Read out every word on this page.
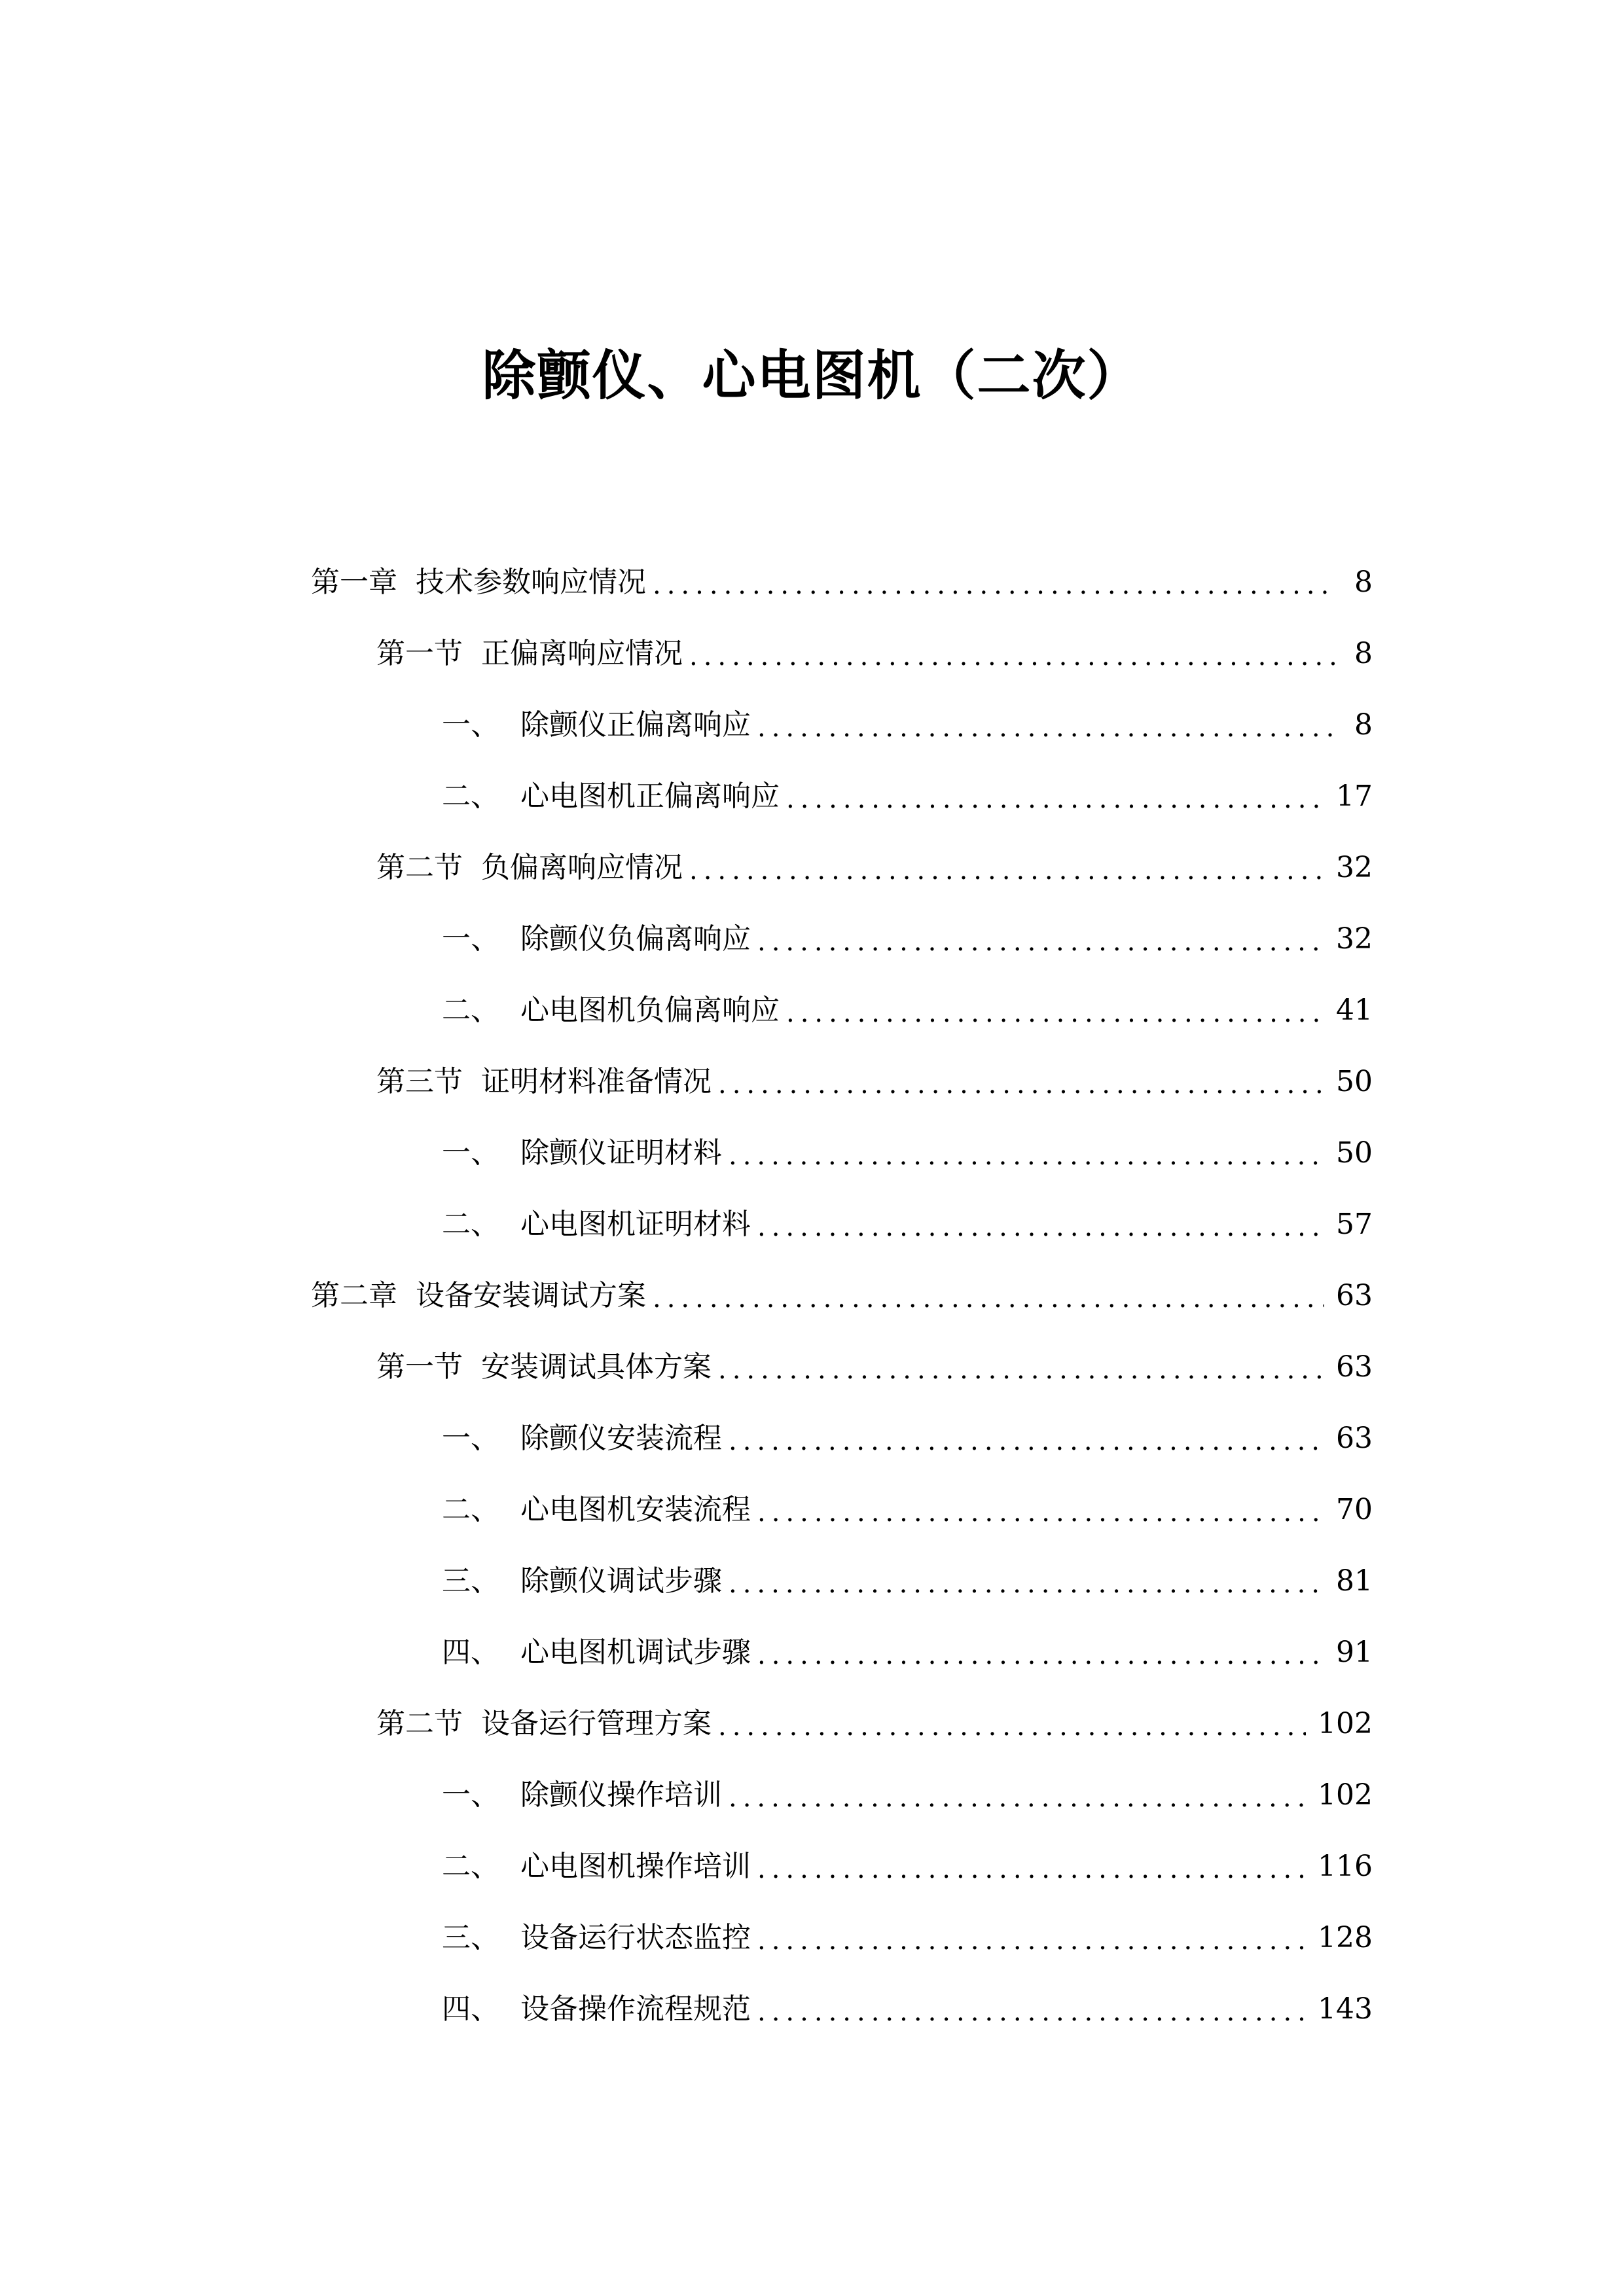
除颤仪、心电图机（二次）
第一章 技术参数响应情况 .....	8
第一节 正偏离响应情况 .....	8
一、 除颤仪正偏离响应 .....	8
二、 心电图机正偏离响应 .....	17
第二节 负偏离响应情况 .....	32
一、 除颤仪负偏离响应 .....	32
二、 心电图机负偏离响应 .....	41
第三节 证明材料准备情况 .....	50
一、 除颤仪证明材料 .....	50
二、 心电图机证明材料 .....	57
第二章 设备安装调试方案 .....	63
第一节 安装调试具体方案 .....	63
一、 除颤仪安装流程 .....	63
二、 心电图机安装流程 .....	70
三、 除颤仪调试步骤 .....	81
四、 心电图机调试步骤 .....	91
第二节 设备运行管理方案 .....	102
一、 除颤仪操作培训 .....	102
二、 心电图机操作培训 .....	116
三、 设备运行状态监控 .....	128
四、 设备操作流程规范 .....	143
